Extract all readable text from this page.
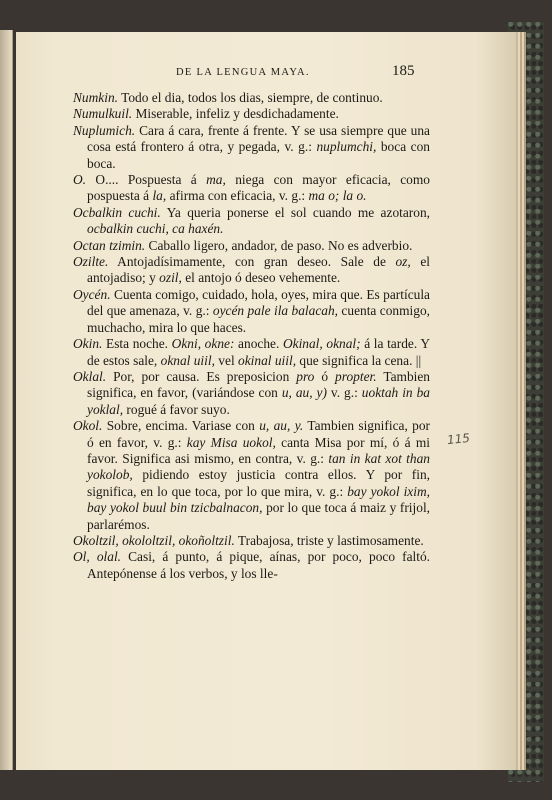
DE LA LENGUA MAYA.	185
115

Numkin. Todo el dia, todos los dias, siempre, de continuo.

Numulkuil. Miserable, infeliz y desdichadamente.

Nuplumich. Cara á cara, frente á frente. Y se usa siempre que una cosa está frontero á otra, y pegada, v. g.: nuplumchi, boca con boca.

O. O.... Pospuesta á ma, niega con mayor eficacia, como pospuesta á la, afirma con eficacia, v. g.: ma o; la o.

Ocbalkin cuchi. Ya queria ponerse el sol cuando me azotaron, ocbalkin cuchi, ca haxén.

Octan tzimin. Caballo ligero, andador, de paso. No es adverbio.

Ozilte. Antojadísimamente, con gran deseo. Sale de oz, el antojadiso; y ozil, el antojo ó deseo vehemente.

Oycén. Cuenta comigo, cuidado, hola, oyes, mira que. Es partícula del que amenaza, v. g.: oycén pale ila balacah, cuenta conmigo, muchacho, mira lo que haces.

Okin. Esta noche. Okni, okne: anoche. Okinal, oknal; á la tarde. Y de estos sale, oknal uiil, vel okinal uiil, que significa la cena. ||

Oklal. Por, por causa. Es preposicion pro ó propter. Tambien significa, en favor, (variándose con u, au, y) v. g.: uoktah in ba yoklal, rogué á favor suyo.

Okol. Sobre, encima. Variase con u, au, y. Tambien significa, por ó en favor, v. g.: kay Misa uokol, canta Misa por mí, ó á mi favor. Significa asi mismo, en contra, v. g.: tan in kat xot than yokolob, pidiendo estoy justicia contra ellos. Y por fin, significa, en lo que toca, por lo que mira, v. g.: bay yokol ixim, bay yokol buul bin tzicbalnacon, por lo que toca á maiz y frijol, parlarémos.

Okoltzil, okololtzil, okoñoltzil. Trabajosa, triste y lastimosamente.

Ol, olal. Casi, á punto, á pique, aínas, por poco, poco faltó. Antepónense á los verbos, y los lle-
